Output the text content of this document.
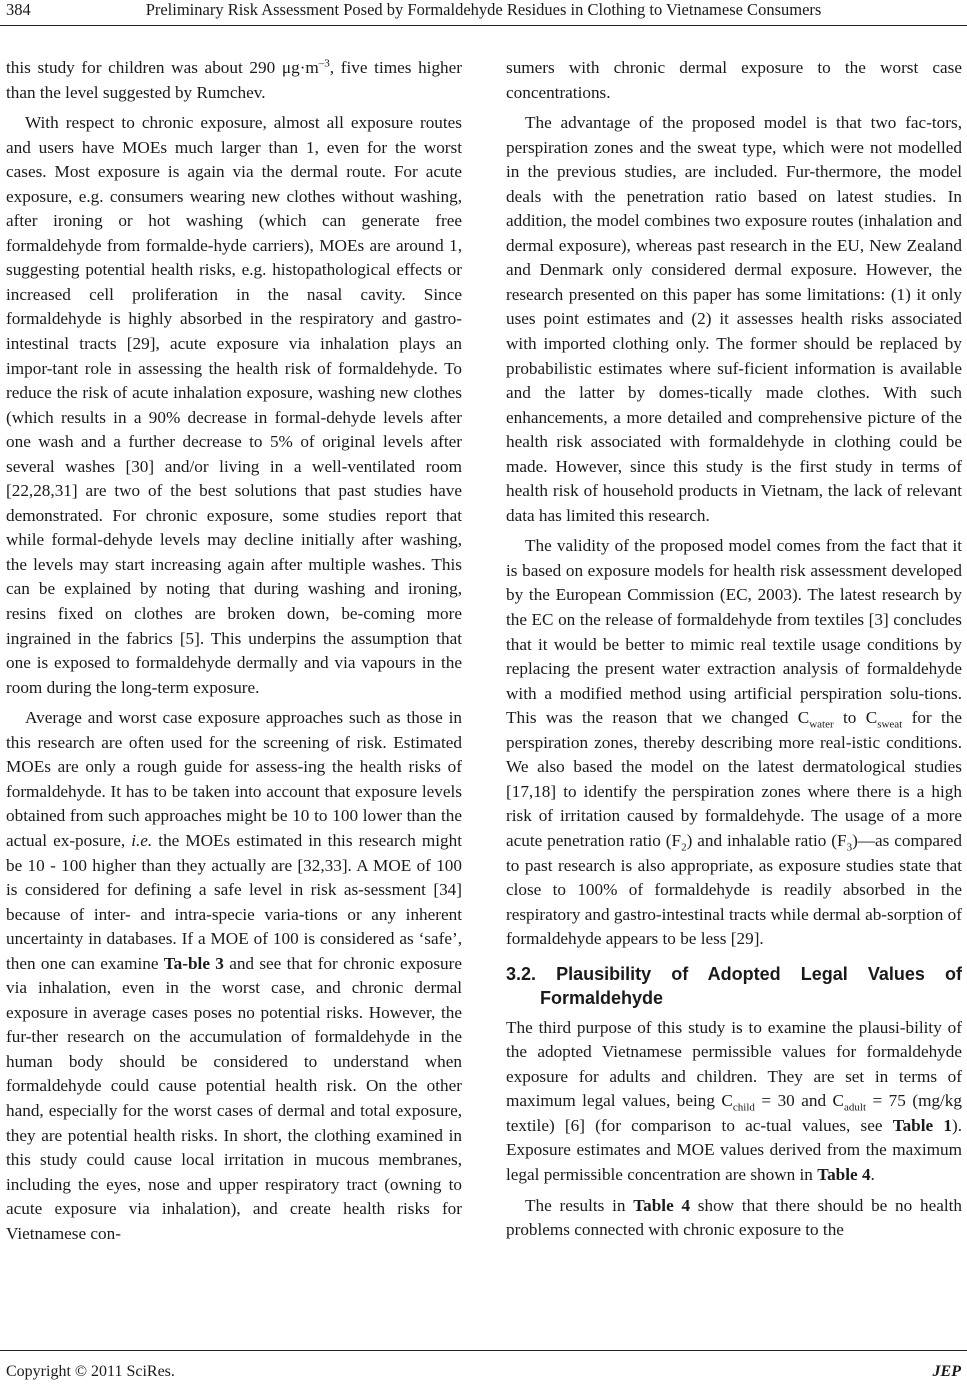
384	Preliminary Risk Assessment Posed by Formaldehyde Residues in Clothing to Vietnamese Consumers

this study for children was about 290 $\mu g\cdot m^{-3}$, five times higher than the level suggested by Rumchev.

With respect to chronic exposure, almost all exposure routes and users have MOEs much larger than 1, even for the worst cases. Most exposure is again via the dermal route. For acute exposure, e.g. consumers wearing new clothes without washing, after ironing or hot washing (which can generate free formaldehyde from formalde-hyde carriers), MOEs are around 1, suggesting potential health risks, e.g. histopathological effects or increased cell proliferation in the nasal cavity. Since formaldehyde is highly absorbed in the respiratory and gastro-intestinal tracts [29], acute exposure via inhalation plays an impor-tant role in assessing the health risk of formaldehyde. To reduce the risk of acute inhalation exposure, washing new clothes (which results in a 90% decrease in formal-dehyde levels after one wash and a further decrease to 5% of original levels after several washes [30] and/or living in a well-ventilated room [22,28,31] are two of the best solutions that past studies have demonstrated. For chronic exposure, some studies report that while formal-dehyde levels may decline initially after washing, the levels may start increasing again after multiple washes. This can be explained by noting that during washing and ironing, resins fixed on clothes are broken down, be-coming more ingrained in the fabrics [5]. This underpins the assumption that one is exposed to formaldehyde dermally and via vapours in the room during the long-term exposure.

Average and worst case exposure approaches such as those in this research are often used for the screening of risk. Estimated MOEs are only a rough guide for assess-ing the health risks of formaldehyde. It has to be taken into account that exposure levels obtained from such approaches might be 10 to 100 lower than the actual ex-posure, i.e. the MOEs estimated in this research might be 10 - 100 higher than they actually are [32,33]. A MOE of 100 is considered for defining a safe level in risk as-sessment [34] because of inter- and intra-specie varia-tions or any inherent uncertainty in databases. If a MOE of 100 is considered as ‘safe’, then one can examine Ta-ble 3 and see that for chronic exposure via inhalation, even in the worst case, and chronic dermal exposure in average cases poses no potential risks. However, the fur-ther research on the accumulation of formaldehyde in the human body should be considered to understand when formaldehyde could cause potential health risk. On the other hand, especially for the worst cases of dermal and total exposure, they are potential health risks. In short, the clothing examined in this study could cause local irritation in mucous membranes, including the eyes, nose and upper respiratory tract (owning to acute exposure via inhalation), and create health risks for Vietnamese con-

sumers with chronic dermal exposure to the worst case concentrations.

The advantage of the proposed model is that two fac-tors, perspiration zones and the sweat type, which were not modelled in the previous studies, are included. Fur-thermore, the model deals with the penetration ratio based on latest studies. In addition, the model combines two exposure routes (inhalation and dermal exposure), whereas past research in the EU, New Zealand and Denmark only considered dermal exposure. However, the research presented on this paper has some limitations: (1) it only uses point estimates and (2) it assesses health risks associated with imported clothing only. The former should be replaced by probabilistic estimates where suf-ficient information is available and the latter by domes-tically made clothes. With such enhancements, a more detailed and comprehensive picture of the health risk associated with formaldehyde in clothing could be made. However, since this study is the first study in terms of health risk of household products in Vietnam, the lack of relevant data has limited this research.

The validity of the proposed model comes from the fact that it is based on exposure models for health risk assessment developed by the European Commission (EC, 2003). The latest research by the EC on the release of formaldehyde from textiles [3] concludes that it would be better to mimic real textile usage conditions by replacing the present water extraction analysis of formaldehyde with a modified method using artificial perspiration solu-tions. This was the reason that we changed $C_{water}$ to $C_{sweat}$ for the perspiration zones, thereby describing more real-istic conditions. We also based the model on the latest dermatological studies [17,18] to identify the perspiration zones where there is a high risk of irritation caused by formaldehyde. The usage of a more acute penetration ratio $(F_2)$ and inhalable ratio $(F_3)—as$ compared to past research is also appropriate, as exposure studies state that close to 100% of formaldehyde is readily absorbed in the respiratory and gastro-intestinal tracts while dermal ab-sorption of formaldehyde appears to be less [29].

3.2. Plausibility of Adopted Legal Values of Formaldehyde

The third purpose of this study is to examine the plausi-bility of the adopted Vietnamese permissible values for formaldehyde exposure for adults and children. They are set in terms of maximum legal values, being $C_{child} = 30$ and $C_{adult} = 75$ (mg/kg textile) [6] (for comparison to ac-tual values, see Table 1). Exposure estimates and MOE values derived from the maximum legal permissible concentration are shown in Table 4.

The results in Table 4 show that there should be no health problems connected with chronic exposure to the

Copyright © 2011 SciRes.	JEP
